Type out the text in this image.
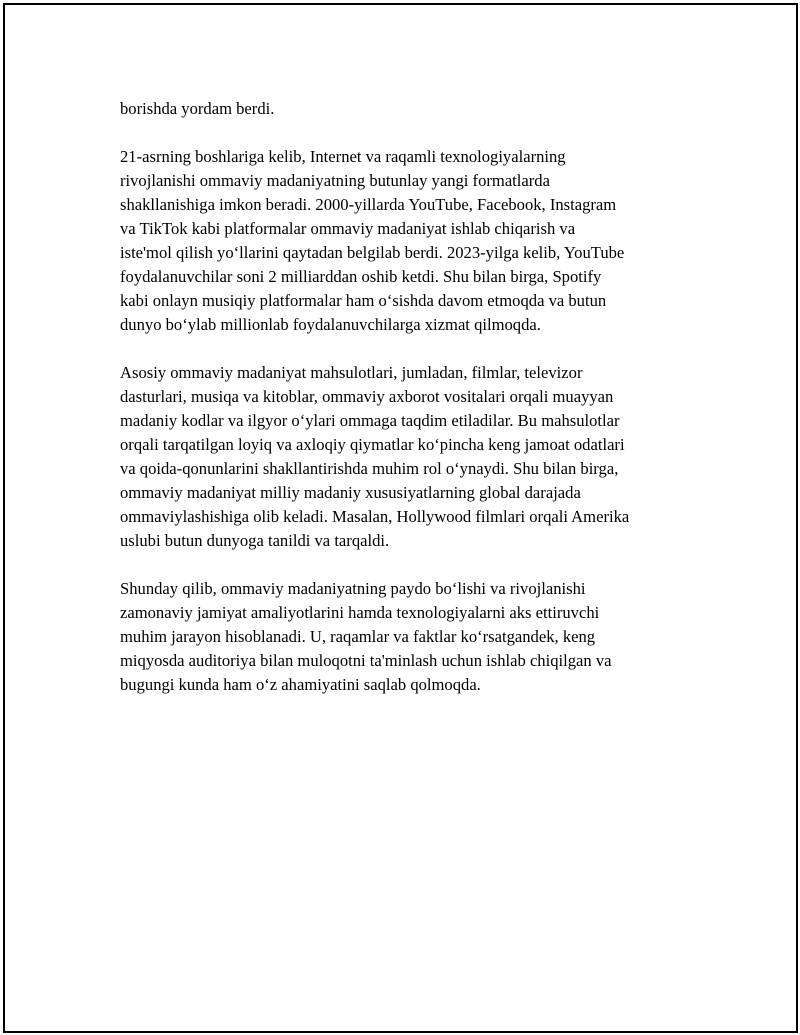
borishda yordam berdi.

21-asrning boshlariga kelib, Internet va raqamli texnologiyalarning
rivojlanishi ommaviy madaniyatning butunlay yangi formatlarda
shakllanishiga imkon beradi. 2000-yillarda YouTube, Facebook, Instagram
va TikTok kabi platformalar ommaviy madaniyat ishlab chiqarish va
iste'mol qilish yo‘llarini qaytadan belgilab berdi. 2023-yilga kelib, YouTube
foydalanuvchilar soni 2 milliarddan oshib ketdi. Shu bilan birga, Spotify
kabi onlayn musiqiy platformalar ham o‘sishda davom etmoqda va butun
dunyo bo‘ylab millionlab foydalanuvchilarga xizmat qilmoqda.

Asosiy ommaviy madaniyat mahsulotlari, jumladan, filmlar, televizor
dasturlari, musiqa va kitoblar, ommaviy axborot vositalari orqali muayyan
madaniy kodlar va ilgyor o‘ylari ommaga taqdim etiladilar. Bu mahsulotlar
orqali tarqatilgan loyiq va axloqiy qiymatlar ko‘pincha keng jamoat odatlari
va qoida-qonunlarini shakllantirishda muhim rol o‘ynaydi. Shu bilan birga,
ommaviy madaniyat milliy madaniy xususiyatlarning global darajada
ommaviylashishiga olib keladi. Masalan, Hollywood filmlari orqali Amerika
uslubi butun dunyoga tanildi va tarqaldi.

Shunday qilib, ommaviy madaniyatning paydo bo‘lishi va rivojlanishi
zamonaviy jamiyat amaliyotlarini hamda texnologiyalarni aks ettiruvchi
muhim jarayon hisoblanadi. U, raqamlar va faktlar ko‘rsatgandek, keng
miqyosda auditoriya bilan muloqotni ta'minlash uchun ishlab chiqilgan va
bugungi kunda ham o‘z ahamiyatini saqlab qolmoqda.
